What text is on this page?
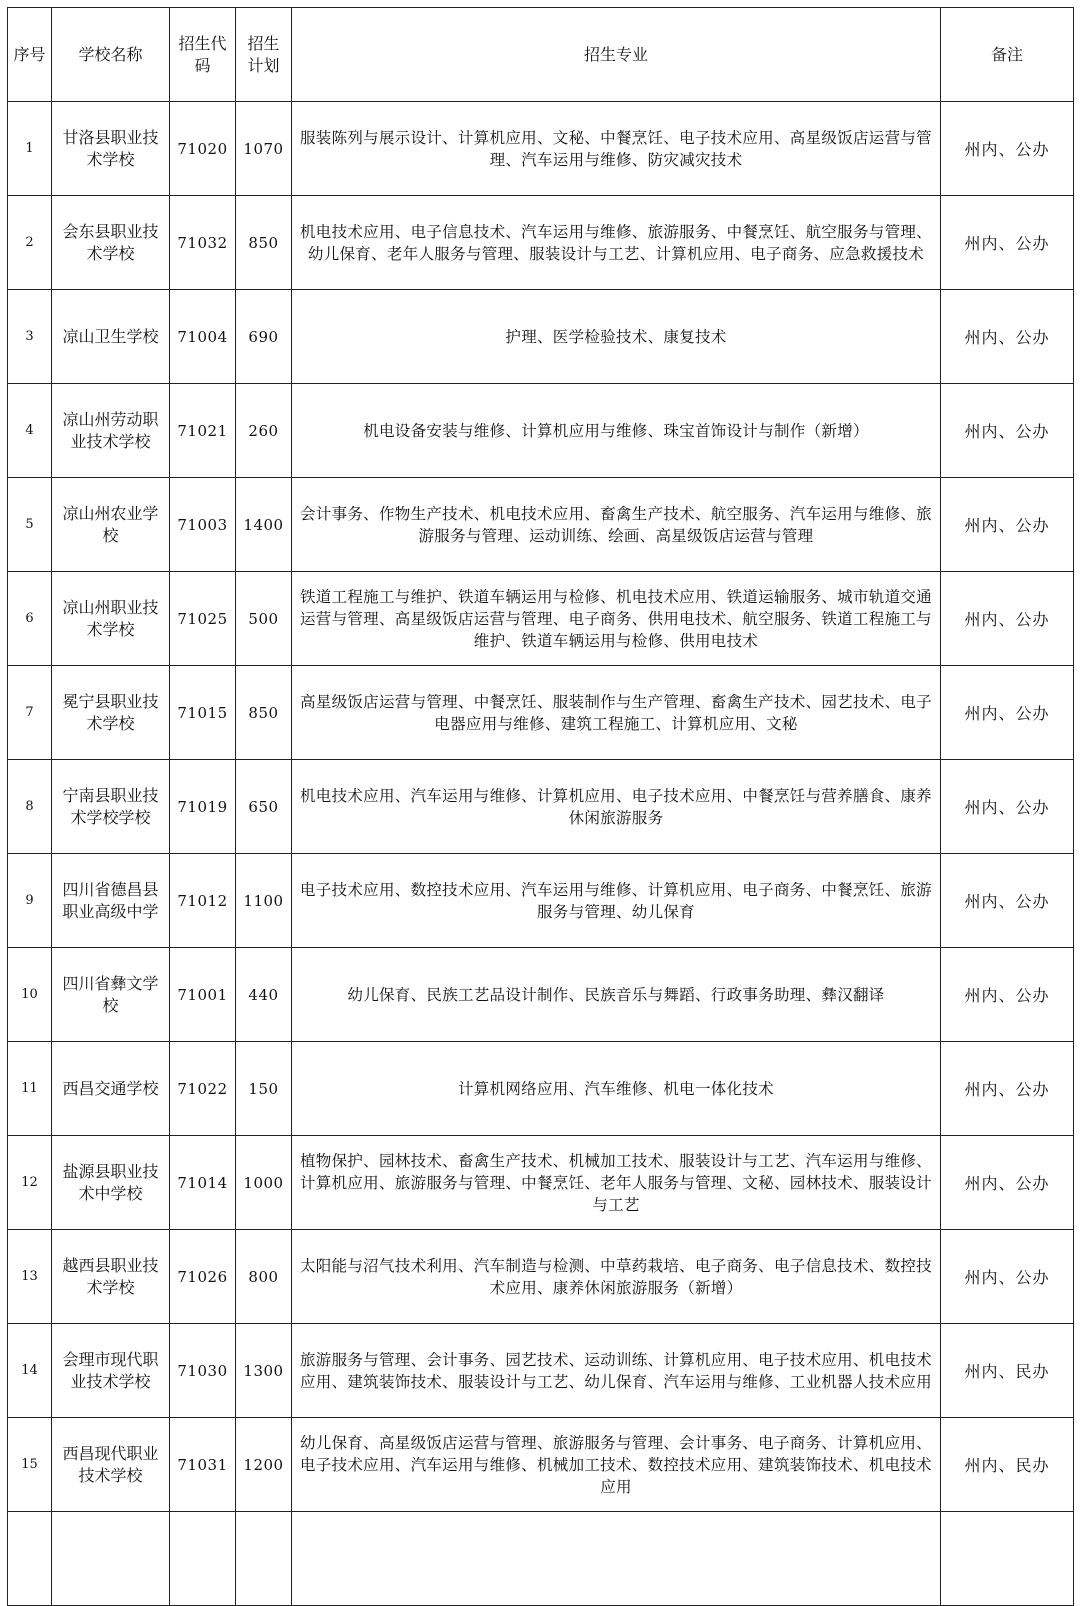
序号	学校名称	招生代码	招生计划	招生专业	备注
1	甘洛县职业技术学校	71020	1070	服装陈列与展示设计、计算机应用、文秘、中餐烹饪、电子技术应用、高星级饭店运营与管理、汽车运用与维修、防灾减灾技术	州内、公办
2	会东县职业技术学校	71032	850	机电技术应用、电子信息技术、汽车运用与维修、旅游服务、中餐烹饪、航空服务与管理、幼儿保育、老年人服务与管理、服装设计与工艺、计算机应用、电子商务、应急救援技术	州内、公办
3	凉山卫生学校	71004	690	护理、医学检验技术、康复技术	州内、公办
4	凉山州劳动职业技术学校	71021	260	机电设备安装与维修、计算机应用与维修、珠宝首饰设计与制作（新增）	州内、公办
5	凉山州农业学校	71003	1400	会计事务、作物生产技术、机电技术应用、畜禽生产技术、航空服务、汽车运用与维修、旅游服务与管理、运动训练、绘画、高星级饭店运营与管理	州内、公办
6	凉山州职业技术学校	71025	500	铁道工程施工与维护、铁道车辆运用与检修、机电技术应用、铁道运输服务、城市轨道交通运营与管理、高星级饭店运营与管理、电子商务、供用电技术、航空服务、铁道工程施工与维护、铁道车辆运用与检修、供用电技术	州内、公办
7	冕宁县职业技术学校	71015	850	高星级饭店运营与管理、中餐烹饪、服装制作与生产管理、畜禽生产技术、园艺技术、电子电器应用与维修、建筑工程施工、计算机应用、文秘	州内、公办
8	宁南县职业技术学校学校	71019	650	机电技术应用、汽车运用与维修、计算机应用、电子技术应用、中餐烹饪与营养膳食、康养休闲旅游服务	州内、公办
9	四川省德昌县职业高级中学	71012	1100	电子技术应用、数控技术应用、汽车运用与维修、计算机应用、电子商务、中餐烹饪、旅游服务与管理、幼儿保育	州内、公办
10	四川省彝文学校	71001	440	幼儿保育、民族工艺品设计制作、民族音乐与舞蹈、行政事务助理、彝汉翻译	州内、公办
11	西昌交通学校	71022	150	计算机网络应用、汽车维修、机电一体化技术	州内、公办
12	盐源县职业技术中学校	71014	1000	植物保护、园林技术、畜禽生产技术、机械加工技术、服装设计与工艺、汽车运用与维修、计算机应用、旅游服务与管理、中餐烹饪、老年人服务与管理、文秘、园林技术、服装设计与工艺	州内、公办
13	越西县职业技术学校	71026	800	太阳能与沼气技术利用、汽车制造与检测、中草药栽培、电子商务、电子信息技术、数控技术应用、康养休闲旅游服务（新增）	州内、公办
14	会理市现代职业技术学校	71030	1300	旅游服务与管理、会计事务、园艺技术、运动训练、计算机应用、电子技术应用、机电技术应用、建筑装饰技术、服装设计与工艺、幼儿保育、汽车运用与维修、工业机器人技术应用	州内、民办
15	西昌现代职业技术学校	71031	1200	幼儿保育、高星级饭店运营与管理、旅游服务与管理、会计事务、电子商务、计算机应用、电子技术应用、汽车运用与维修、机械加工技术、数控技术应用、建筑装饰技术、机电技术应用	州内、民办
